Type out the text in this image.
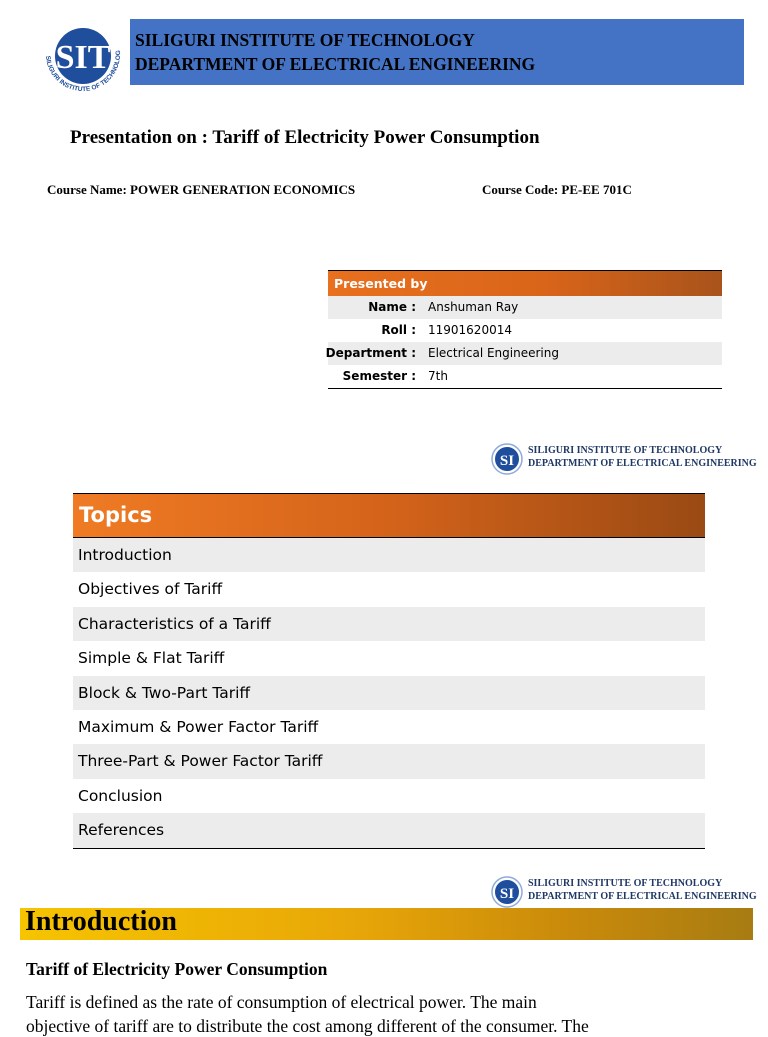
SILIGURI INSTITUTE OF TECHNOLOGY
DEPARTMENT OF ELECTRICAL ENGINEERING
SIT
SILIGURI INSTITUTE OF TECHNOLOG
Presentation on : Tariff of Electricity Power Consumption
Course Name: POWER GENERATION ECONOMICS	Course Code: PE-EE 701C
Presented by
Name : Anshuman Ray
Roll : 11901620014
Department : Electrical Engineering
Semester : 7th
SI
SILIGURI INSTITUTE OF TECHNOLOGY
DEPARTMENT OF ELECTRICAL ENGINEERING
Topics
Introduction
Objectives of Tariff
Characteristics of a Tariff
Simple & Flat Tariff
Block & Two-Part Tariff
Maximum & Power Factor Tariff
Three-Part & Power Factor Tariff
Conclusion
References
SI
SILIGURI INSTITUTE OF TECHNOLOGY
DEPARTMENT OF ELECTRICAL ENGINEERING
Introduction
Tariff of Electricity Power Consumption
Tariff is defined as the rate of consumption of electrical power. The main
objective of tariff are to distribute the cost among different of the consumer. The
